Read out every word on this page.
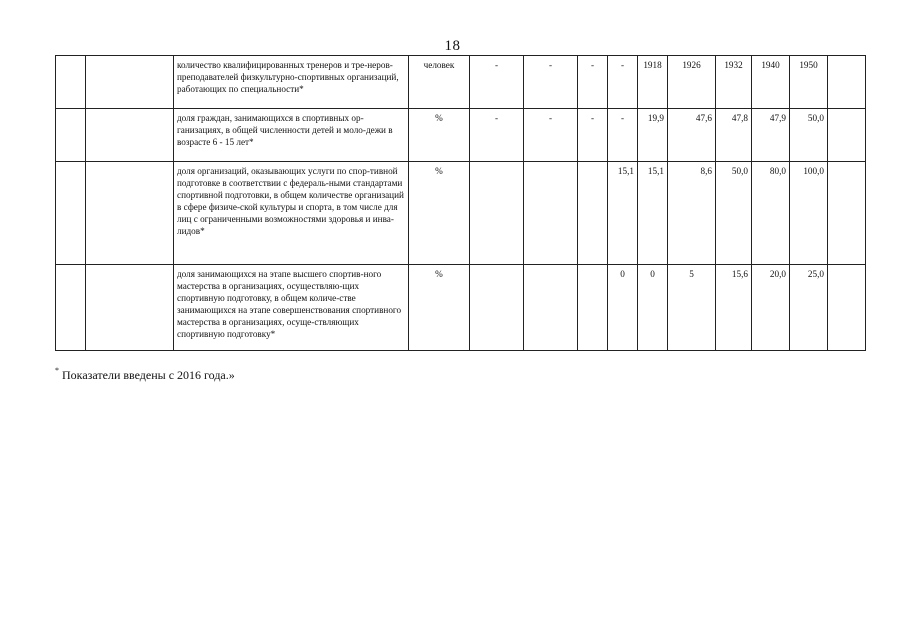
18
		количество квалифицированных тренеров и тре-неров-преподавателей физкультурно-спортивных организаций, работающих по специальности*	человек	-	-	-	-	1918	1926	1932	1940	1950	
		доля граждан, занимающихся в спортивных ор-ганизациях, в общей численности детей и моло-дежи в возрасте 6 - 15 лет*	%	-	-	-	-	19,9	47,6	47,8	47,9	50,0	
		доля организаций, оказывающих услуги по спор-тивной подготовке в соответствии с федераль-ными стандартами спортивной подготовки, в общем количестве организаций в сфере физиче-ской культуры и спорта, в том числе для лиц с ограниченными возможностями здоровья и инва-лидов*	%				15,1	15,1	8,6	50,0	80,0	100,0	
		доля занимающихся на этапе высшего спортив-ного мастерства в организациях, осуществляю-щих спортивную подготовку, в общем количе-стве занимающихся на этапе совершенствования спортивного мастерства в организациях, осуще-ствляющих спортивную подготовку*	%				0	0	5	15,6	20,0	25,0	
* Показатели введены с 2016 года.»
